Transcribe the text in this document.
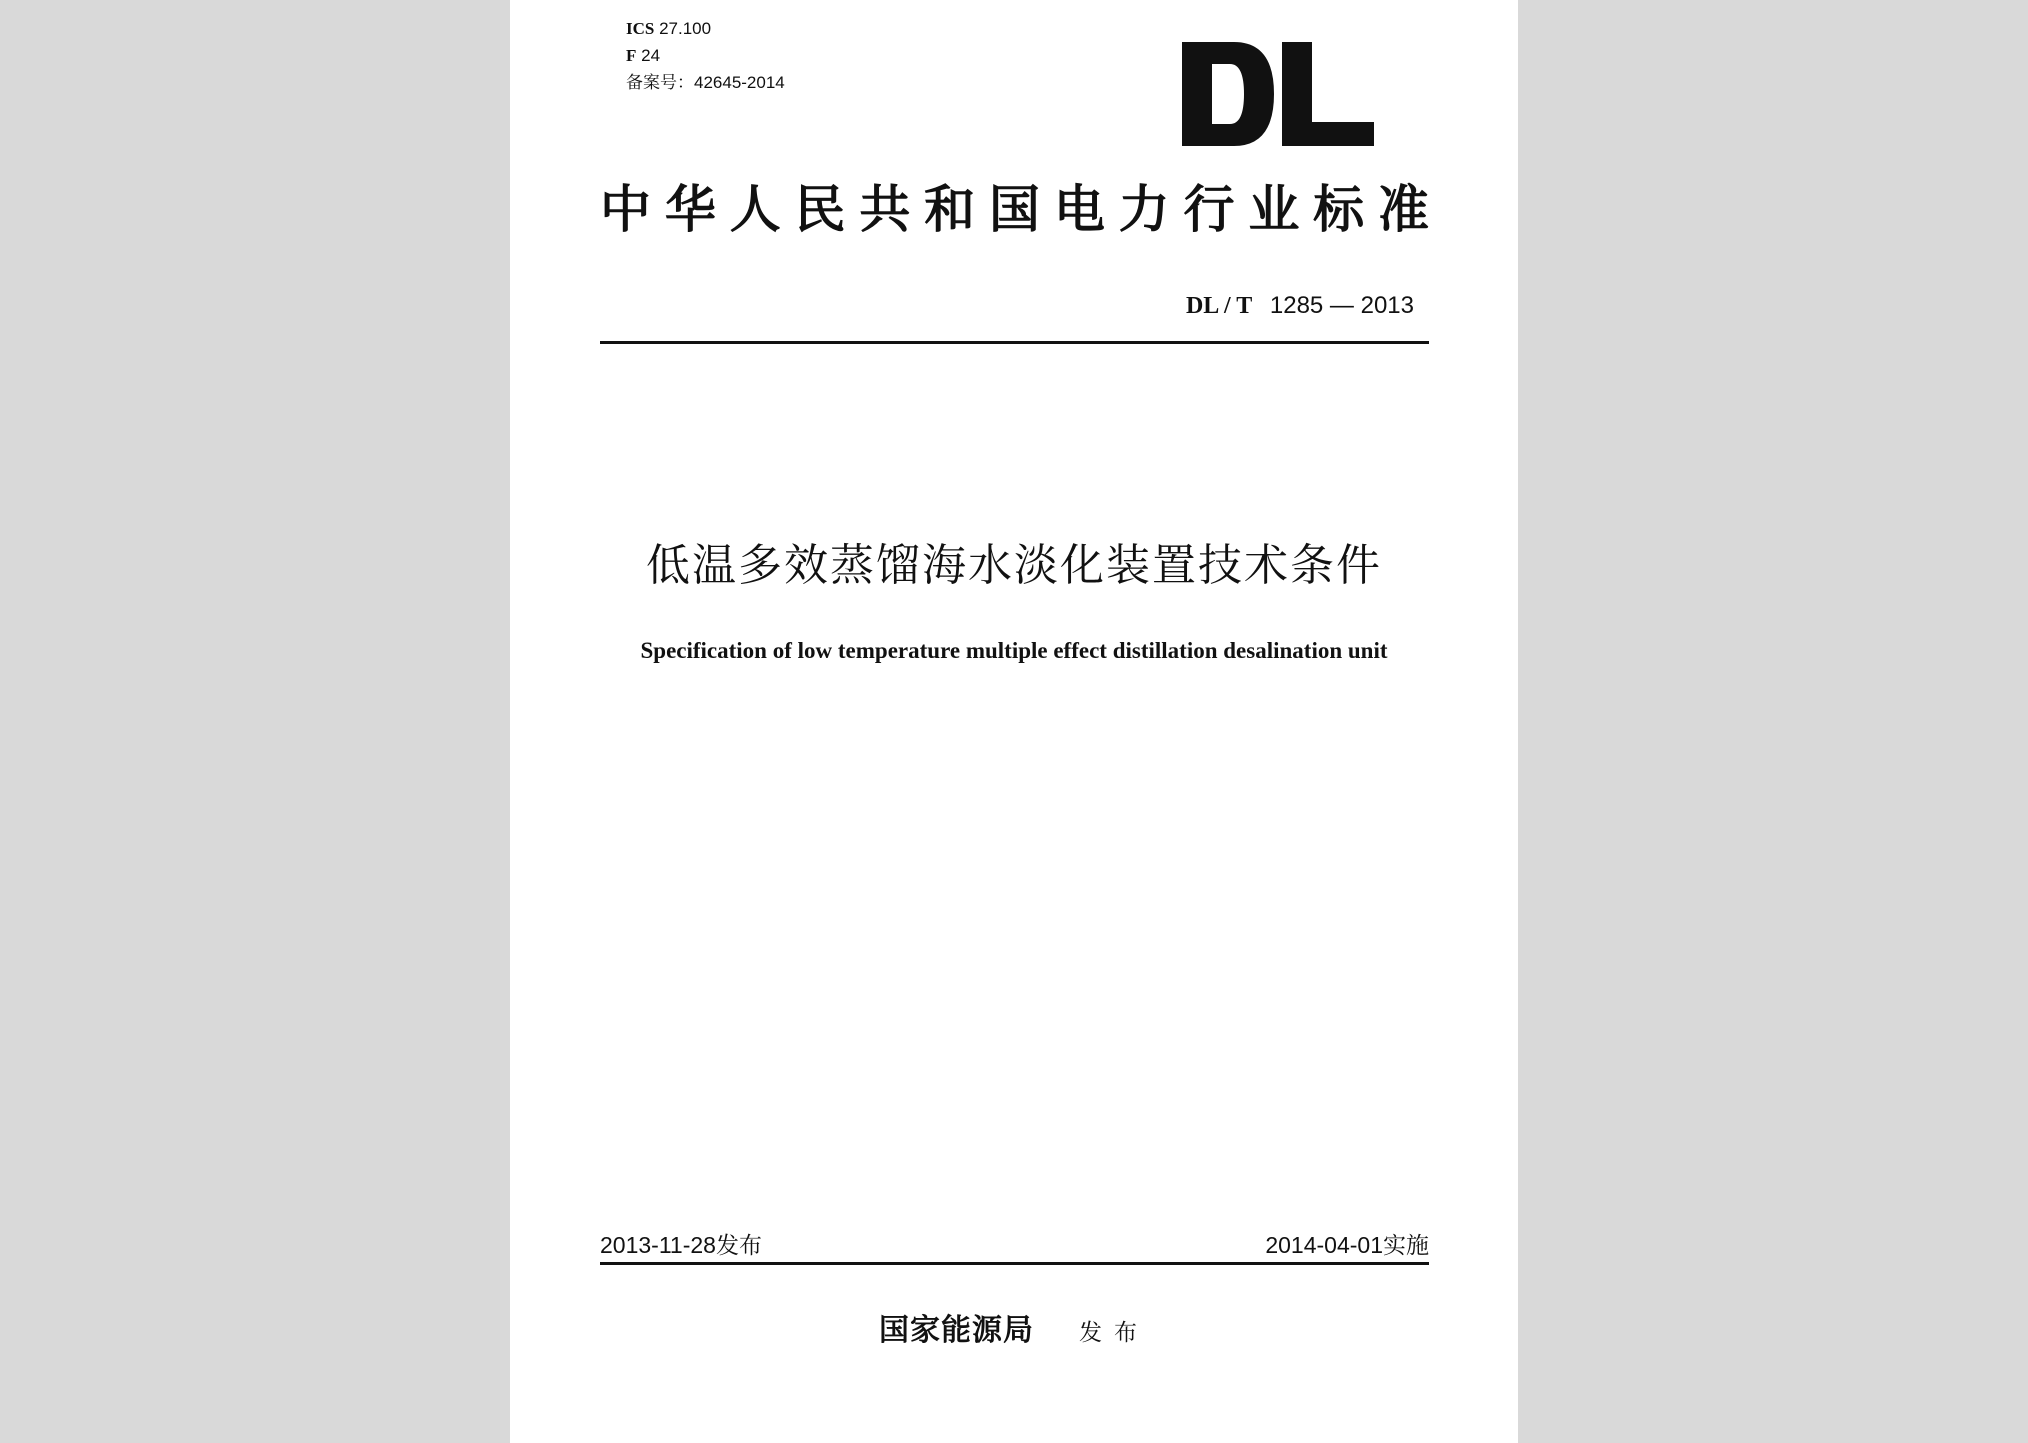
ICS 27.100
F 24
备案号：42645-2014
中华人民共和国电力行业标准
DL / T 1285 — 2013
低温多效蒸馏海水淡化装置技术条件
Specification of low temperature multiple effect distillation desalination unit
2013-11-28发布	2014-04-01实施
国家能源局 发布
